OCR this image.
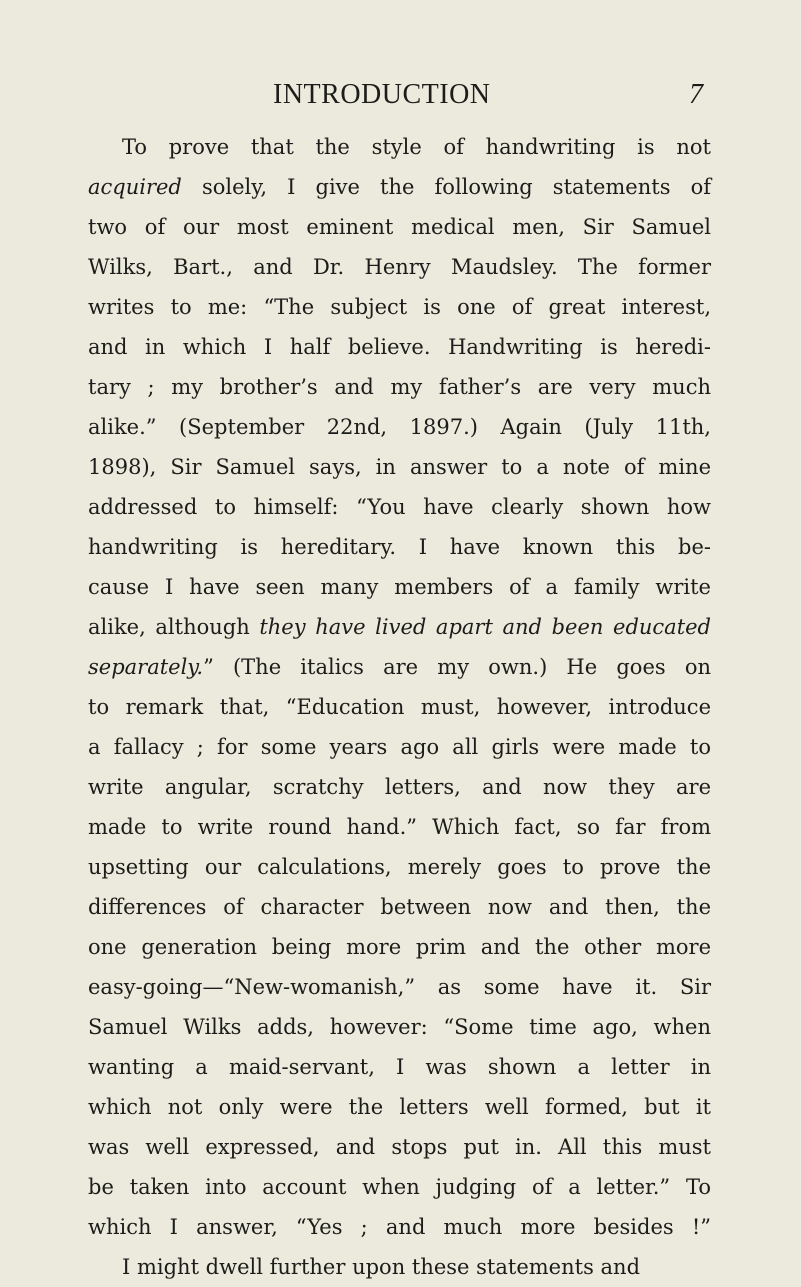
INTRODUCTION	7
To prove that the style of handwriting is not
acquired solely, I give the following statements of
two of our most eminent medical men, Sir Samuel
Wilks, Bart., and Dr. Henry Maudsley. The former
writes to me: “The subject is one of great interest,
and in which I half believe. Handwriting is heredi-
tary ; my brother’s and my father’s are very much
alike.” (September 22nd, 1897.) Again (July 11th,
1898), Sir Samuel says, in answer to a note of mine
addressed to himself: “You have clearly shown how
handwriting is hereditary. I have known this be-
cause I have seen many members of a family write
alike, although they have lived apart and been educated
separately.” (The italics are my own.) He goes on
to remark that, “Education must, however, introduce
a fallacy ; for some years ago all girls were made to
write angular, scratchy letters, and now they are
made to write round hand.” Which fact, so far from
upsetting our calculations, merely goes to prove the
differences of character between now and then, the
one generation being more prim and the other more
easy-going—“New-womanish,” as some have it. Sir
Samuel Wilks adds, however: “Some time ago, when
wanting a maid-servant, I was shown a letter in
which not only were the letters well formed, but it
was well expressed, and stops put in. All this must
be taken into account when judging of a letter.” To
which I answer, “Yes ; and much more besides !”
I might dwell further upon these statements and
